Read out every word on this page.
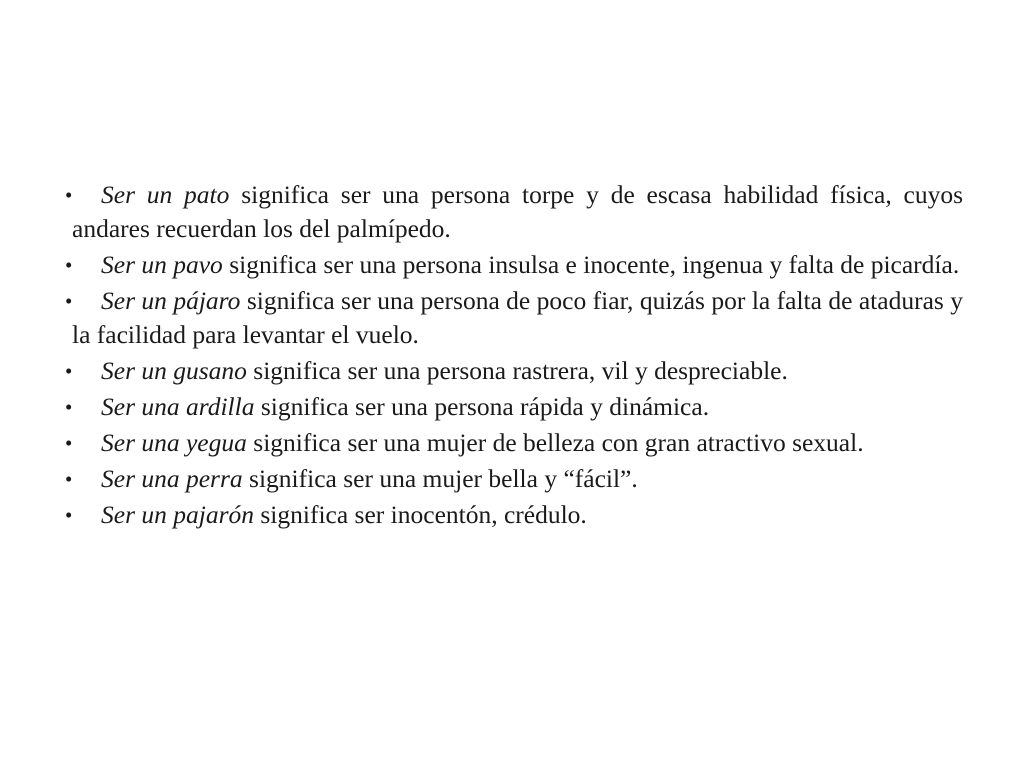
• Ser un pato significa ser una persona torpe y de escasa habilidad física, cuyos andares recuerdan los del palmípedo.
• Ser un pavo significa ser una persona insulsa e inocente, ingenua y falta de picardía.
• Ser un pájaro significa ser una persona de poco fiar, quizás por la falta de ataduras y la facilidad para levantar el vuelo.
• Ser un gusano significa ser una persona rastrera, vil y despreciable.
• Ser una ardilla significa ser una persona rápida y dinámica.
• Ser una yegua significa ser una mujer de belleza con gran atractivo sexual.
• Ser una perra significa ser una mujer bella y “fácil”.
• Ser un pajarón significa ser inocentón, crédulo.
